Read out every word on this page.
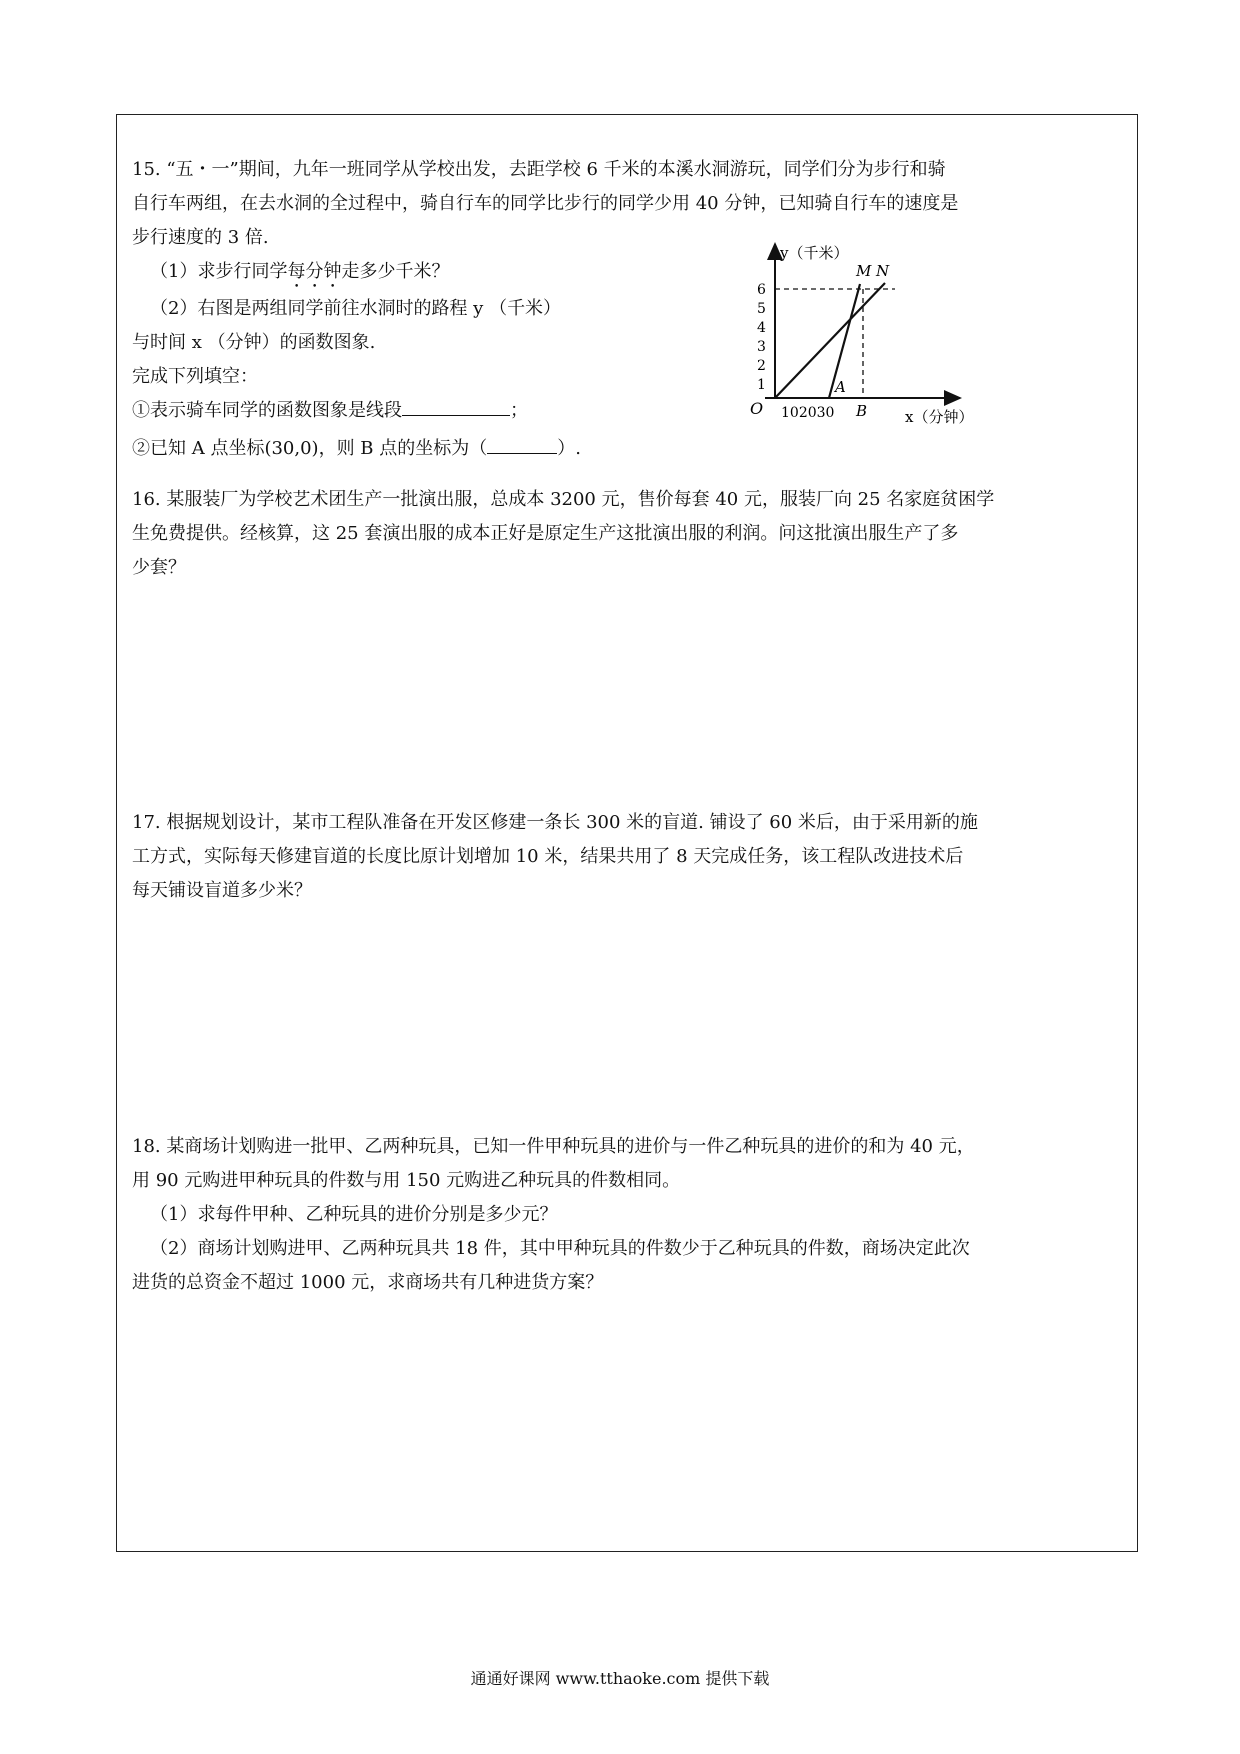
15. “五・一”期间，九年一班同学从学校出发，去距学校 6 千米的本溪水洞游玩，同学们分为步行和骑

自行车两组，在去水洞的全过程中，骑自行车的同学比步行的同学少用 40 分钟，已知骑自行车的速度是

步行速度的 3 倍.

（1）求步行同学每分钟走多少千米？

（2）右图是两组同学前往水洞时的路程 y （千米）

与时间 x （分钟）的函数图象.

完成下列填空：

①表示骑车同学的函数图象是线段	；

②已知 A 点坐标(30,0)，则 B 点的坐标为（	）.

y（千米）
x（分钟）
O
1
2
3
4
5
6
102030
A
B
M N

16. 某服装厂为学校艺术团生产一批演出服，总成本 3200 元，售价每套 40 元，服装厂向 25 名家庭贫困学

生免费提供。经核算，这 25 套演出服的成本正好是原定生产这批演出服的利润。问这批演出服生产了多

少套？

17. 根据规划设计，某市工程队准备在开发区修建一条长 300 米的盲道. 铺设了 60 米后，由于采用新的施

工方式，实际每天修建盲道的长度比原计划增加 10 米，结果共用了 8 天完成任务，该工程队改进技术后

每天铺设盲道多少米？

18. 某商场计划购进一批甲、乙两种玩具，已知一件甲种玩具的进价与一件乙种玩具的进价的和为 40 元，

用 90 元购进甲种玩具的件数与用 150 元购进乙种玩具的件数相同。

（1）求每件甲种、乙种玩具的进价分别是多少元？

（2）商场计划购进甲、乙两种玩具共 18 件，其中甲种玩具的件数少于乙种玩具的件数，商场决定此次

进货的总资金不超过 1000 元，求商场共有几种进货方案？

通通好课网 www.tthaoke.com 提供下载
